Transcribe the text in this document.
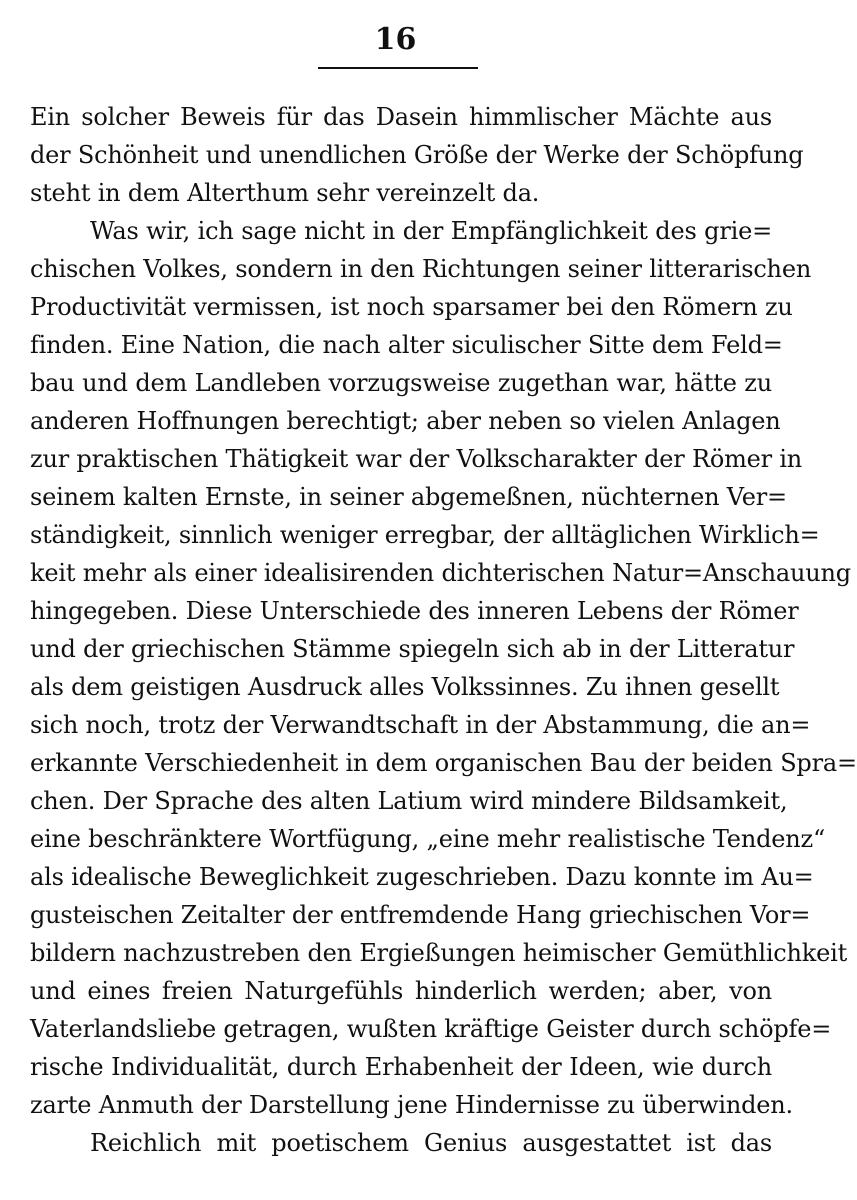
16
Ein solcher Beweis für das Dasein himmlischer Mächte aus
der Schönheit und unendlichen Größe der Werke der Schöpfung
steht in dem Alterthum sehr vereinzelt da.
Was wir, ich sage nicht in der Empfänglichkeit des grie=
chischen Volkes, sondern in den Richtungen seiner litterarischen
Productivität vermissen, ist noch sparsamer bei den Römern zu
finden. Eine Nation, die nach alter siculischer Sitte dem Feld=
bau und dem Landleben vorzugsweise zugethan war, hätte zu
anderen Hoffnungen berechtigt; aber neben so vielen Anlagen
zur praktischen Thätigkeit war der Volkscharakter der Römer in
seinem kalten Ernste, in seiner abgemeßnen, nüchternen Ver=
ständigkeit, sinnlich weniger erregbar, der alltäglichen Wirklich=
keit mehr als einer idealisirenden dichterischen Natur=Anschauung
hingegeben. Diese Unterschiede des inneren Lebens der Römer
und der griechischen Stämme spiegeln sich ab in der Litteratur
als dem geistigen Ausdruck alles Volkssinnes. Zu ihnen gesellt
sich noch, trotz der Verwandtschaft in der Abstammung, die an=
erkannte Verschiedenheit in dem organischen Bau der beiden Spra=
chen. Der Sprache des alten Latium wird mindere Bildsamkeit,
eine beschränktere Wortfügung, „eine mehr realistische Tendenz“
als idealische Beweglichkeit zugeschrieben. Dazu konnte im Au=
gusteischen Zeitalter der entfremdende Hang griechischen Vor=
bildern nachzustreben den Ergießungen heimischer Gemüthlichkeit
und eines freien Naturgefühls hinderlich werden; aber, von
Vaterlandsliebe getragen, wußten kräftige Geister durch schöpfe=
rische Individualität, durch Erhabenheit der Ideen, wie durch
zarte Anmuth der Darstellung jene Hindernisse zu überwinden.
Reichlich mit poetischem Genius ausgestattet ist das
